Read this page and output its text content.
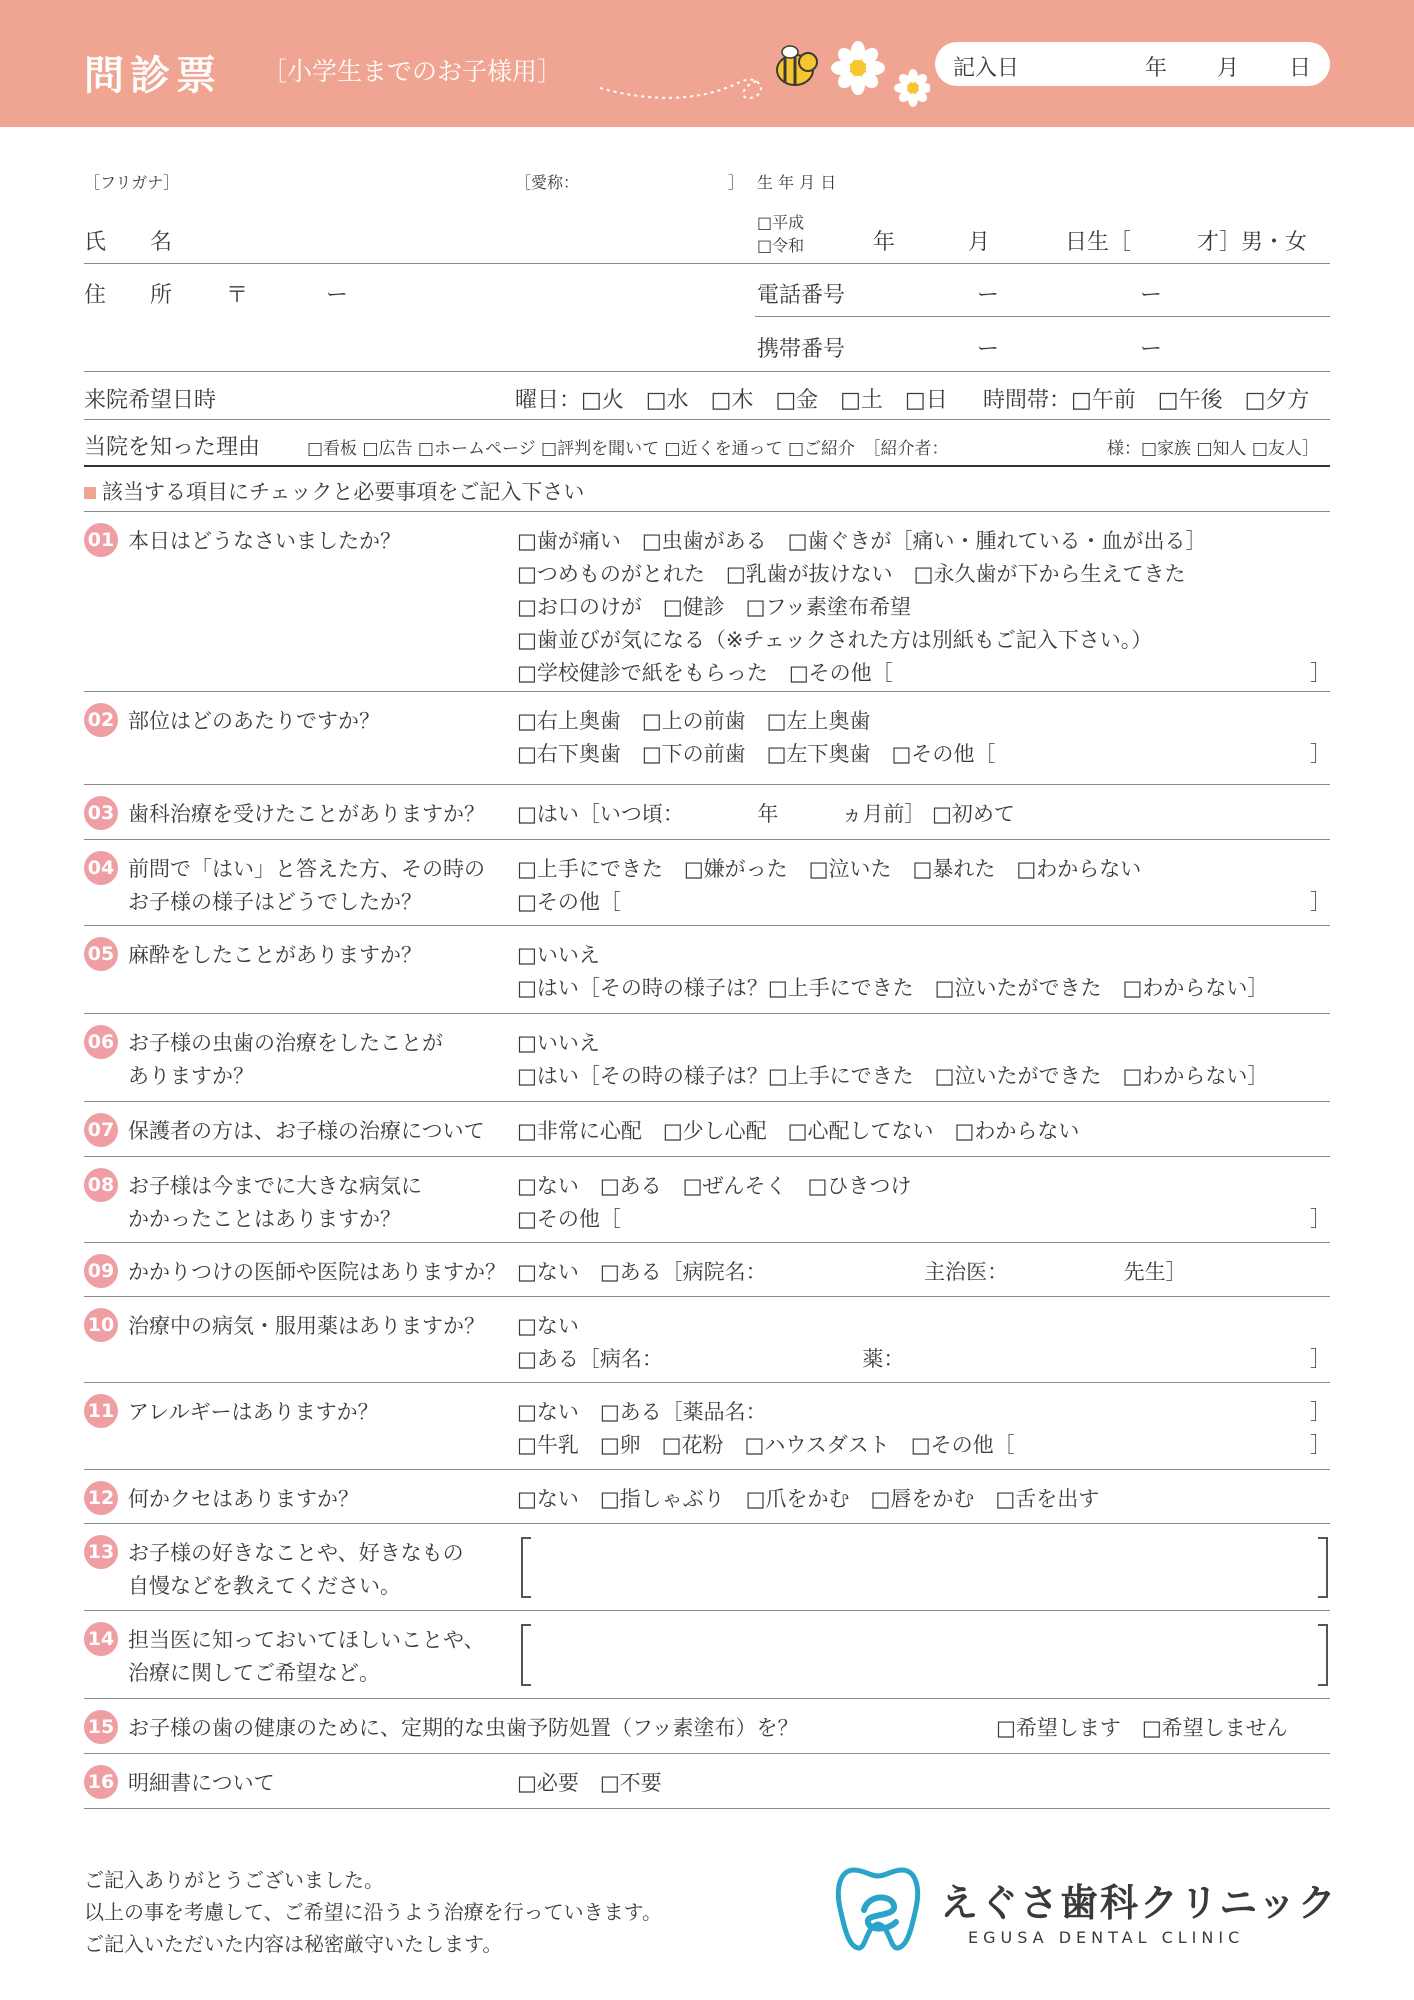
問診票 ［小学生までのお子様用］	記入日	年 月 日
［フリガナ］	［愛称：	］ 生 年 月 日
□平成
□令和
氏　　名	年	月	日生［	才］男・女
住　　所 〒	ー	電話番号	ー	ー
携帯番号	ー	ー
来院希望日時	曜日：□火　□水　□木　□金　□土　□日 時間帯：□午前　□午後　□夕方
当院を知った理由	□看板 □広告 □ホームページ □評判を聞いて □近くを通って □ご紹介　［紹介者：	様：□家族 □知人 □友人］
該当する項目にチェックと必要事項をご記入下さい
01 本日はどうなさいましたか？	□歯が痛い　□虫歯がある　□歯ぐきが［痛い・腫れている・血が出る］
□つめものがとれた　□乳歯が抜けない　□永久歯が下から生えてきた
□お口のけが　□健診　□フッ素塗布希望
□歯並びが気になる（※チェックされた方は別紙もご記入下さい。）
□学校健診で紙をもらった　□その他［	］
02 部位はどのあたりですか？	□右上奥歯　□上の前歯　□左上奥歯
□右下奥歯　□下の前歯　□左下奥歯　□その他［	］
03 歯科治療を受けたことがありますか？ □はい［いつ頃：　　　　年　　　ヵ月前］ □初めて
04 前問で「はい」と答えた方、その時の
お子様の様子はどうでしたか？
□上手にできた　□嫌がった　□泣いた　□暴れた　□わからない
□その他［	］
05 麻酔をしたことがありますか？	□いいえ
□はい［その時の様子は？□上手にできた　□泣いたができた　□わからない］
06 お子様の虫歯の治療をしたことが
ありますか？
□いいえ
□はい［その時の様子は？□上手にできた　□泣いたができた　□わからない］
07 保護者の方は、お子様の治療について □非常に心配　□少し心配　□心配してない　□わからない
08 お子様は今までに大きな病気に
かかったことはありますか？
□ない　□ある　□ぜんそく　□ひきつけ
□その他［	］
09 かかりつけの医師や医院はありますか？ □ない　□ある［病院名：　　　　　　　　主治医：　　　　　　先生］
10 治療中の病気・服用薬はありますか？ □ない
□ある［病名：　　　　　　　　　　薬：	］
11 アレルギーはありますか？	□ない　□ある［薬品名：
□牛乳　□卵　□花粉　□ハウスダスト　□その他［
］
］
12 何かクセはありますか？	□ない　□指しゃぶり　□爪をかむ　□唇をかむ　□舌を出す
13 お子様の好きなことや、好きなもの
自慢などを教えてください。
14 担当医に知っておいてほしいことや、
治療に関してご希望など。
15 お子様の歯の健康のために、定期的な虫歯予防処置（フッ素塗布）を？	□希望します　□希望しません
16 明細書について	□必要　□不要
ご記入ありがとうございました。
以上の事を考慮して、ご希望に沿うよう治療を行っていきます。
ご記入いただいた内容は秘密厳守いたします。
えぐさ歯科クリニック
EGUSA DENTAL CLINIC
